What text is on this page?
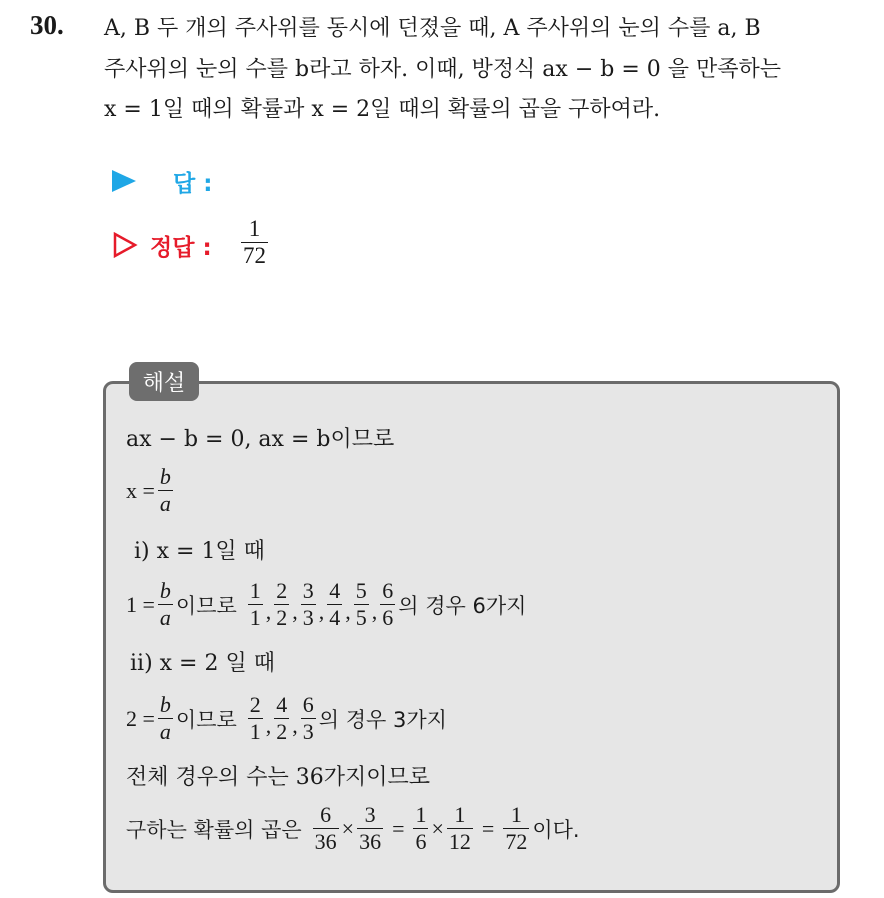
30. A, B 두 개의 주사위를 동시에 던졌을 때, A 주사위의 눈의 수를 a, B
주사위의 눈의 수를 b라고 하자. 이때, 방정식 ax − b = 0 을 만족하는
x = 1일 때의 확률과 x = 2일 때의 확률의 곱을 구하여라.
답 :
정답 : $\frac{1}{72}$
해설
ax − b = 0, ax = b이므로
$x = \frac{b}{a}$
ⅰ) x = 1일 때
$1 = \frac{b}{a}$ 이므로 $\frac{1}{1}$ , $\frac{2}{2}$ , $\frac{3}{3}$ , $\frac{4}{4}$ , $\frac{5}{5}$ , $\frac{6}{6}$ 의 경우 6가지
ⅱ) x = 2 일 때
$2 = \frac{b}{a}$ 이므로 $\frac{2}{1}$ , $\frac{4}{2}$ , $\frac{6}{3}$ 의 경우 3가지
전체 경우의 수는 36가지이므로
구하는 확률의 곱은 $\frac{6}{36} \times \frac{3}{36} = \frac{1}{6} \times \frac{1}{12} = \frac{1}{72}$ 이다.
